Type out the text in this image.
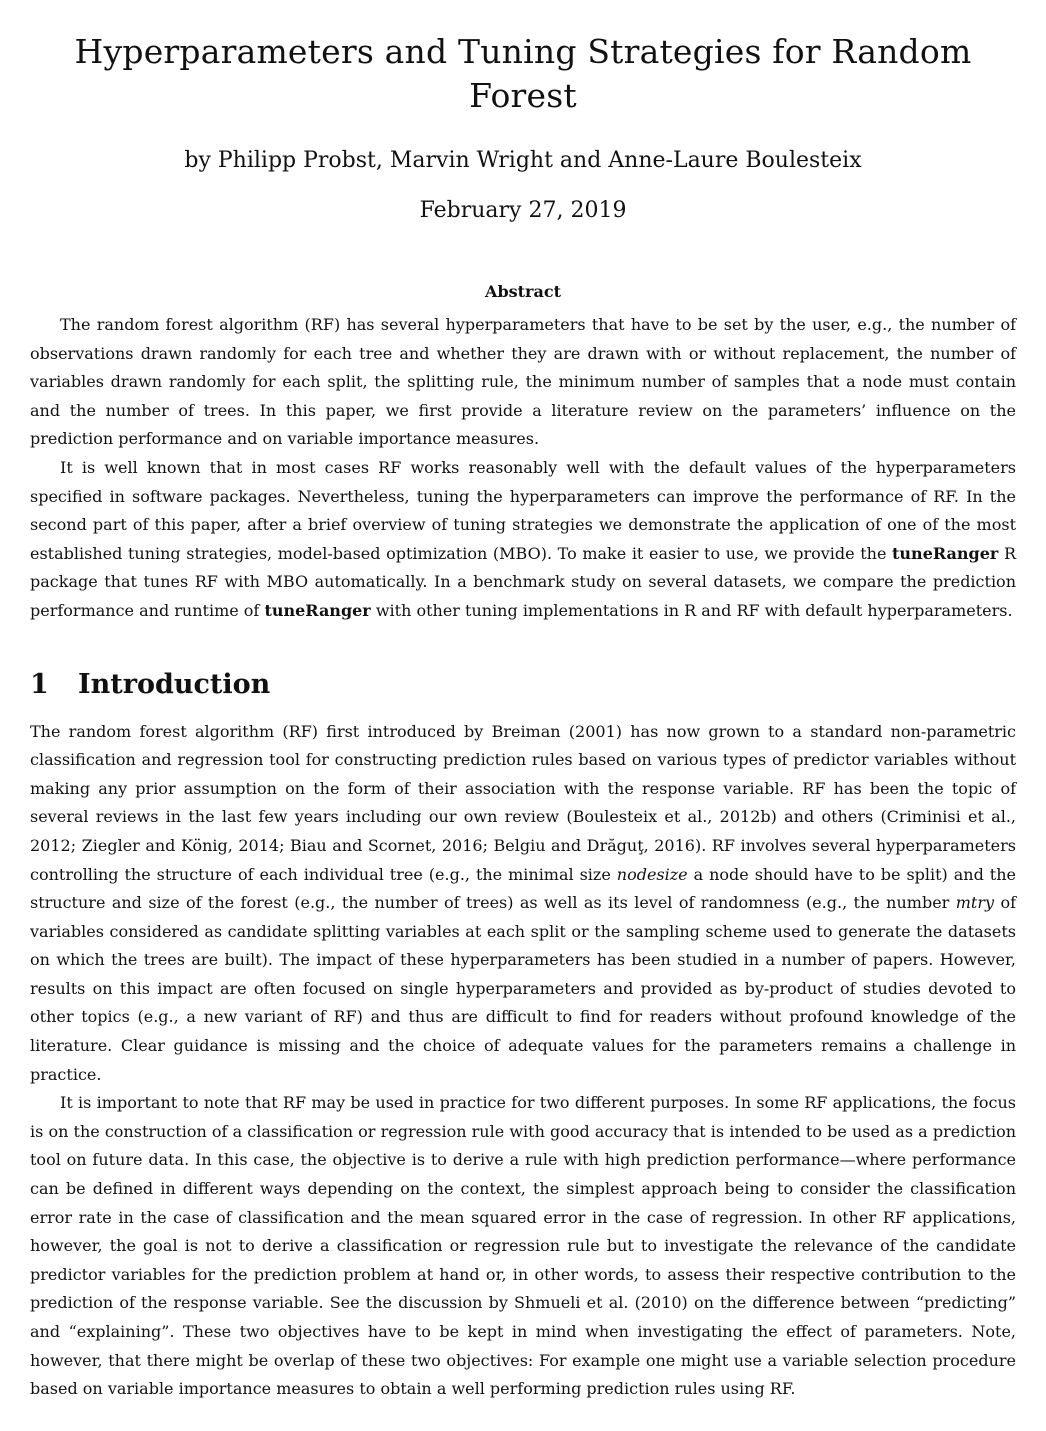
Hyperparameters and Tuning Strategies for Random Forest
by Philipp Probst, Marvin Wright and Anne-Laure Boulesteix
February 27, 2019
Abstract

The random forest algorithm (RF) has several hyperparameters that have to be set by the user, e.g., the number of observations drawn randomly for each tree and whether they are drawn with or without replacement, the number of variables drawn randomly for each split, the splitting rule, the minimum number of samples that a node must contain and the number of trees. In this paper, we first provide a literature review on the parameters’ influence on the prediction performance and on variable importance measures.

It is well known that in most cases RF works reasonably well with the default values of the hyperparameters specified in software packages. Nevertheless, tuning the hyperparameters can improve the performance of RF. In the second part of this paper, after a brief overview of tuning strategies we demonstrate the application of one of the most established tuning strategies, model-based optimization (MBO). To make it easier to use, we provide the tuneRanger R package that tunes RF with MBO automatically. In a benchmark study on several datasets, we compare the prediction performance and runtime of tuneRanger with other tuning implementations in R and RF with default hyperparameters.

1 Introduction

The random forest algorithm (RF) first introduced by Breiman (2001) has now grown to a standard non-parametric classification and regression tool for constructing prediction rules based on various types of predictor variables without making any prior assumption on the form of their association with the response variable. RF has been the topic of several reviews in the last few years including our own review (Boulesteix et al., 2012b) and others (Criminisi et al., 2012; Ziegler and König, 2014; Biau and Scornet, 2016; Belgiu and Drăguţ, 2016). RF involves several hyperparameters controlling the structure of each individual tree (e.g., the minimal size nodesize a node should have to be split) and the structure and size of the forest (e.g., the number of trees) as well as its level of randomness (e.g., the number mtry of variables considered as candidate splitting variables at each split or the sampling scheme used to generate the datasets on which the trees are built). The impact of these hyperparameters has been studied in a number of papers. However, results on this impact are often focused on single hyperparameters and provided as by-product of studies devoted to other topics (e.g., a new variant of RF) and thus are difficult to find for readers without profound knowledge of the literature. Clear guidance is missing and the choice of adequate values for the parameters remains a challenge in practice.

It is important to note that RF may be used in practice for two different purposes. In some RF applications, the focus is on the construction of a classification or regression rule with good accuracy that is intended to be used as a prediction tool on future data. In this case, the objective is to derive a rule with high prediction performance—where performance can be defined in different ways depending on the context, the simplest approach being to consider the classification error rate in the case of classification and the mean squared error in the case of regression. In other RF applications, however, the goal is not to derive a classification or regression rule but to investigate the relevance of the candidate predictor variables for the prediction problem at hand or, in other words, to assess their respective contribution to the prediction of the response variable. See the discussion by Shmueli et al. (2010) on the difference between “predicting” and “explaining”. These two objectives have to be kept in mind when investigating the effect of parameters. Note, however, that there might be overlap of these two objectives: For example one might use a variable selection procedure based on variable importance measures to obtain a well performing prediction rules using RF.
